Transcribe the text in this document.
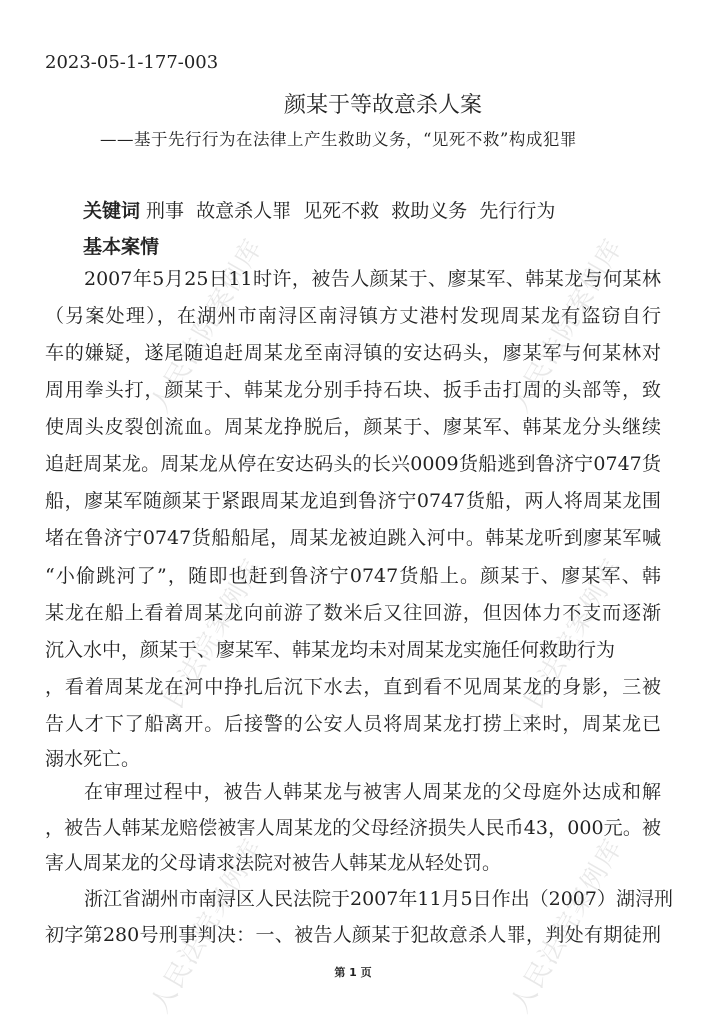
人民法院案例库	人民法院案例库
人民法院案例库	人民法院案例库
人民法院案例库
人民法院案例库
2023-05-1-177-003
颜某于等故意杀人案
——基于先行行为在法律上产生救助义务，“见死不救”构成犯罪
关键词 刑事  故意杀人罪  见死不救  救助义务  先行行为
基本案情
2007年5月25日11时许，被告人颜某于、廖某军、韩某龙与何某林
（另案处理），在湖州市南浔区南浔镇方丈港村发现周某龙有盗窃自行
车的嫌疑，遂尾随追赶周某龙至南浔镇的安达码头，廖某军与何某林对
周用拳头打，颜某于、韩某龙分别手持石块、扳手击打周的头部等，致
使周头皮裂创流血。周某龙挣脱后，颜某于、廖某军、韩某龙分头继续
追赶周某龙。周某龙从停在安达码头的长兴0009货船逃到鲁济宁0747货
船，廖某军随颜某于紧跟周某龙追到鲁济宁0747货船，两人将周某龙围
堵在鲁济宁0747货船船尾，周某龙被迫跳入河中。韩某龙听到廖某军喊
“小偷跳河了”，随即也赶到鲁济宁0747货船上。颜某于、廖某军、韩
某龙在船上看着周某龙向前游了数米后又往回游，但因体力不支而逐渐
沉入水中，颜某于、廖某军、韩某龙均未对周某龙实施任何救助行为
，看着周某龙在河中挣扎后沉下水去，直到看不见周某龙的身影，三被
告人才下了船离开。后接警的公安人员将周某龙打捞上来时，周某龙已
溺水死亡。
在审理过程中，被告人韩某龙与被害人周某龙的父母庭外达成和解
，被告人韩某龙赔偿被害人周某龙的父母经济损失人民币43，000元。被
害人周某龙的父母请求法院对被告人韩某龙从轻处罚。
浙江省湖州市南浔区人民法院于2007年11月5日作出（2007）湖浔刑
初字第280号刑事判决：一、被告人颜某于犯故意杀人罪，判处有期徒刑
第 1 页
